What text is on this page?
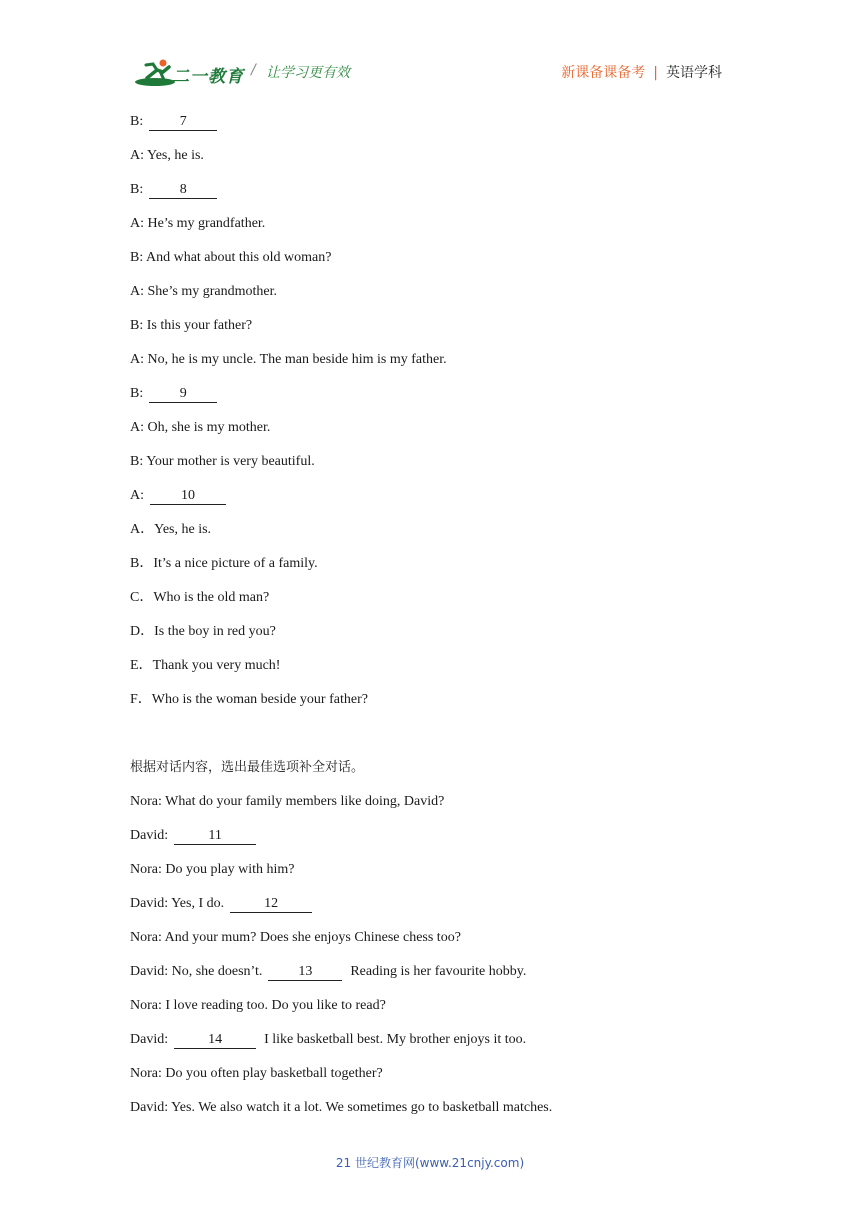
二一教育 / 让学习更有效	新课备课备考 | 英语学科
B:	7
A: Yes, he is.
B:	8
A: He’s my grandfather.
B: And what about this old woman?
A: She’s my grandmother.
B: Is this your father?
A: No, he is my uncle. The man beside him is my father.
B:	9
A: Oh, she is my mother.
B: Your mother is very beautiful.
A:	10
A．Yes, he is.
B．It’s a nice picture of a family.
C．Who is the old man?
D．Is the boy in red you?
E．Thank you very much!
F．Who is the woman beside your father?
根据对话内容，选出最佳选项补全对话。
Nora: What do your family members like doing, David?
David:	11
Nora: Do you play with him?
David: Yes, I do.	12
Nora: And your mum? Does she enjoys Chinese chess too?
David: No, she doesn’t.	13	Reading is her favourite hobby.
Nora: I love reading too. Do you like to read?
David:	14	I like basketball best. My brother enjoys it too.
Nora: Do you often play basketball together?
David: Yes. We also watch it a lot. We sometimes go to basketball matches.
21 世纪教育网(www.21cnjy.com)
